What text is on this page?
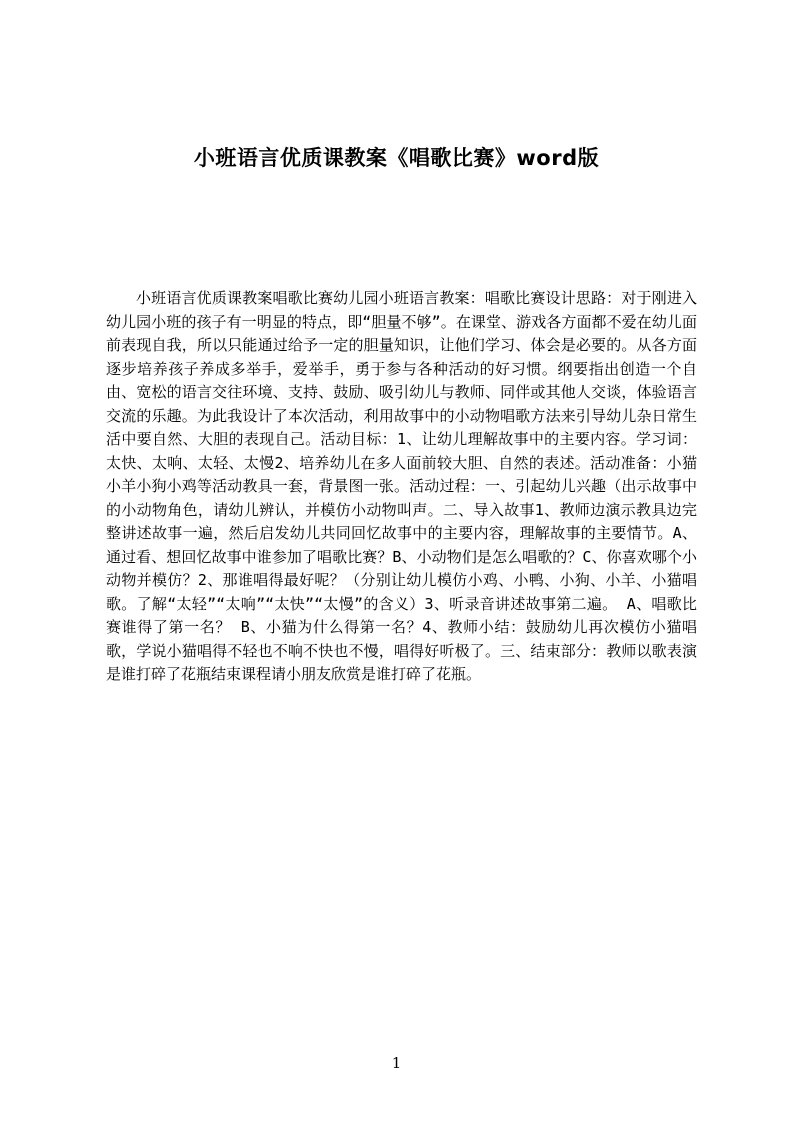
小班语言优质课教案《唱歌比赛》word版

小班语言优质课教案唱歌比赛幼儿园小班语言教案：唱歌比赛设计思路：对于刚进入幼儿园小班的孩子有一明显的特点，即“胆量不够”。在课堂、游戏各方面都不爱在幼儿面前表现自我，所以只能通过给予一定的胆量知识，让他们学习、体会是必要的。从各方面逐步培养孩子养成多举手，爱举手，勇于参与各种活动的好习惯。纲要指出创造一个自由、宽松的语言交往环境、支持、鼓励、吸引幼儿与教师、同伴或其他人交谈，体验语言交流的乐趣。为此我设计了本次活动，利用故事中的小动物唱歌方法来引导幼儿杂日常生活中要自然、大胆的表现自己。活动目标：1、让幼儿理解故事中的主要内容。学习词：太快、太响、太轻、太慢2、培养幼儿在多人面前较大胆、自然的表述。活动准备：小猫小羊小狗小鸡等活动教具一套，背景图一张。活动过程：一、引起幼儿兴趣（出示故事中的小动物角色，请幼儿辨认，并模仿小动物叫声。二、导入故事1、教师边演示教具边完整讲述故事一遍，然后启发幼儿共同回忆故事中的主要内容，理解故事的主要情节。A、通过看、想回忆故事中谁参加了唱歌比赛？B、小动物们是怎么唱歌的？C、你喜欢哪个小动物并模仿？2、那谁唱得最好呢？（分别让幼儿模仿小鸡、小鸭、小狗、小羊、小猫唱歌。了解“太轻”“太响”“太快”“太慢”的含义）3、听录音讲述故事第二遍。 A、唱歌比赛谁得了第一名？ B、小猫为什么得第一名？4、教师小结：鼓励幼儿再次模仿小猫唱歌，学说小猫唱得不轻也不响不快也不慢，唱得好听极了。三、结束部分：教师以歌表演是谁打碎了花瓶结束课程请小朋友欣赏是谁打碎了花瓶。

1
